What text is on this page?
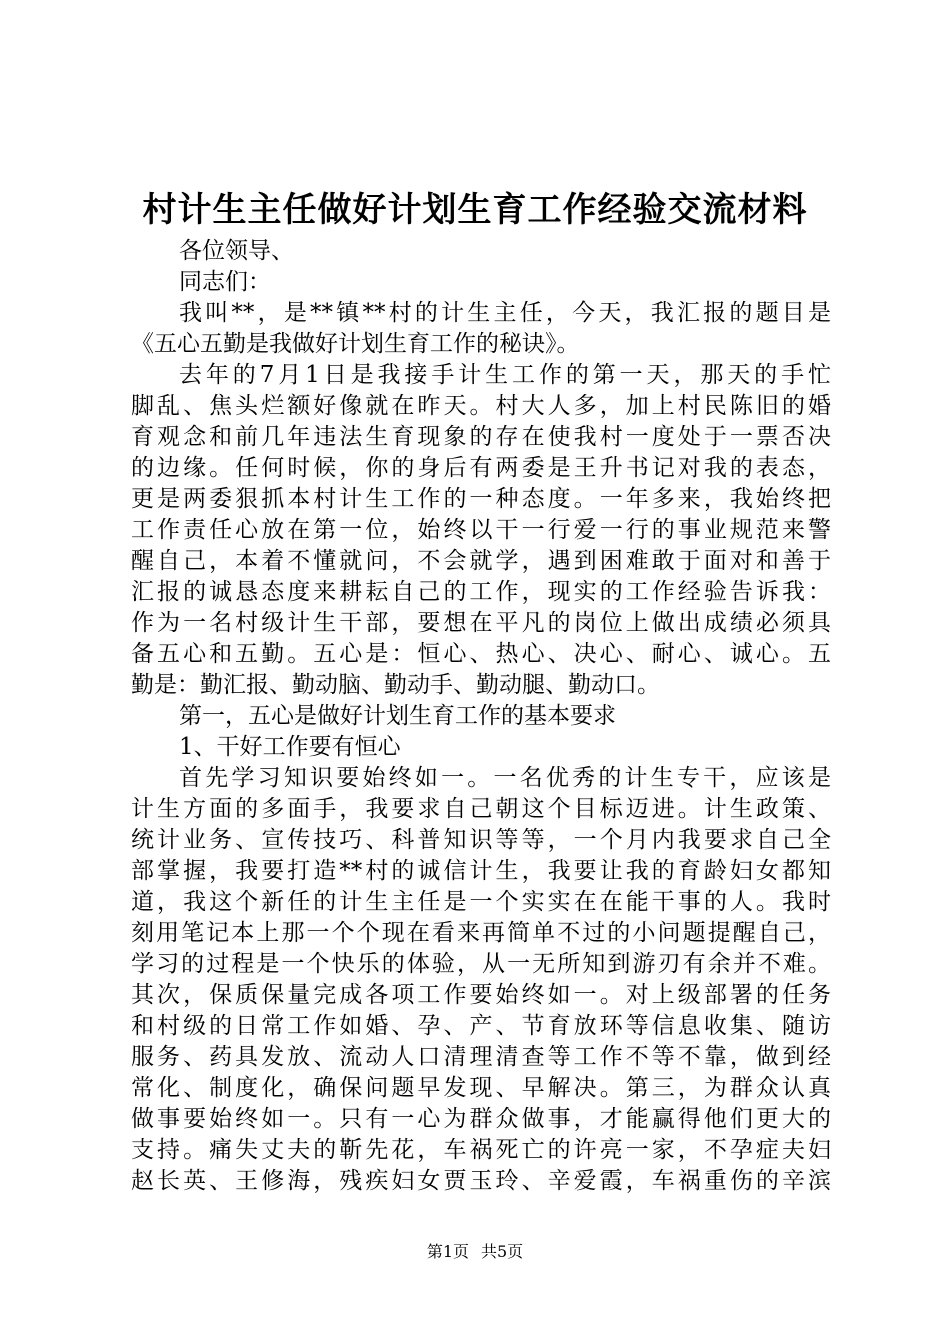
村计生主任做好计划生育工作经验交流材料
各位领导、
同志们：
我叫**，是**镇**村的计生主任，今天，我汇报的题目是
《五心五勤是我做好计划生育工作的秘诀》。
去年的7月1日是我接手计生工作的第一天，那天的手忙
脚乱、焦头烂额好像就在昨天。村大人多，加上村民陈旧的婚
育观念和前几年违法生育现象的存在使我村一度处于一票否决
的边缘。任何时候，你的身后有两委是王升书记对我的表态，
更是两委狠抓本村计生工作的一种态度。一年多来，我始终把
工作责任心放在第一位，始终以干一行爱一行的事业规范来警
醒自己，本着不懂就问，不会就学，遇到困难敢于面对和善于
汇报的诚恳态度来耕耘自己的工作，现实的工作经验告诉我：
作为一名村级计生干部，要想在平凡的岗位上做出成绩必须具
备五心和五勤。五心是：恒心、热心、决心、耐心、诚心。五
勤是：勤汇报、勤动脑、勤动手、勤动腿、勤动口。
第一，五心是做好计划生育工作的基本要求
1、干好工作要有恒心
首先学习知识要始终如一。一名优秀的计生专干，应该是
计生方面的多面手，我要求自己朝这个目标迈进。计生政策、
统计业务、宣传技巧、科普知识等等，一个月内我要求自己全
部掌握，我要打造**村的诚信计生，我要让我的育龄妇女都知
道，我这个新任的计生主任是一个实实在在能干事的人。我时
刻用笔记本上那一个个现在看来再简单不过的小问题提醒自己，
学习的过程是一个快乐的体验，从一无所知到游刃有余并不难。
其次，保质保量完成各项工作要始终如一。对上级部署的任务
和村级的日常工作如婚、孕、产、节育放环等信息收集、随访
服务、药具发放、流动人口清理清查等工作不等不靠，做到经
常化、制度化，确保问题早发现、早解决。第三，为群众认真
做事要始终如一。只有一心为群众做事，才能赢得他们更大的
支持。痛失丈夫的靳先花，车祸死亡的许亮一家，不孕症夫妇
赵长英、王修海，残疾妇女贾玉玲、辛爱霞，车祸重伤的辛滨
第1页 共5页
